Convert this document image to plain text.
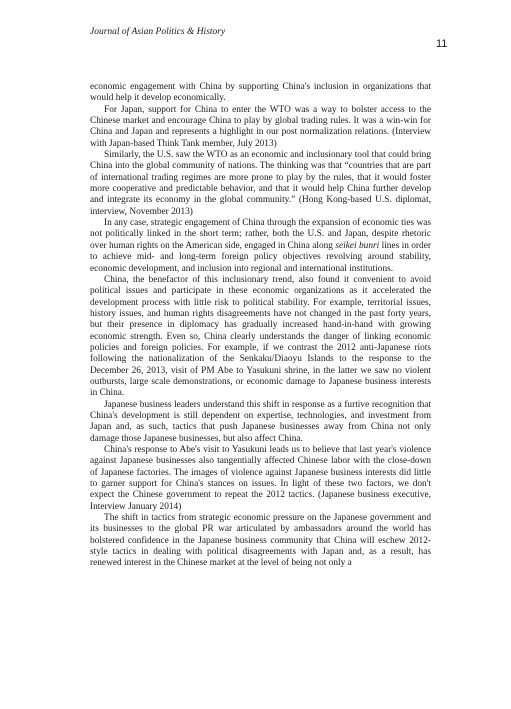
Journal of Asian Politics & History
11

economic engagement with China by supporting China's inclusion in organizations that would help it develop economically.

For Japan, support for China to enter the WTO was a way to bolster access to the Chinese market and encourage China to play by global trading rules. It was a win-win for China and Japan and represents a highlight in our post normalization relations. (Interview with Japan-based Think Tank member, July 2013)

Similarly, the U.S. saw the WTO as an economic and inclusionary tool that could bring China into the global community of nations. The thinking was that “countries that are part of international trading regimes are more prone to play by the rules, that it would foster more cooperative and predictable behavior, and that it would help China further develop and integrate its economy in the global community.” (Hong Kong-based U.S. diplomat, interview, November 2013)

In any case, strategic engagement of China through the expansion of economic ties was not politically linked in the short term; rather, both the U.S. and Japan, despite rhetoric over human rights on the American side, engaged in China along seikei bunri lines in order to achieve mid- and long-term foreign policy objectives revolving around stability, economic development, and inclusion into regional and international institutions.

China, the benefactor of this inclusionary trend, also found it convenient to avoid political issues and participate in these economic organizations as it accelerated the development process with little risk to political stability. For example, territorial issues, history issues, and human rights disagreements have not changed in the past forty years, but their presence in diplomacy has gradually increased hand-in-hand with growing economic strength. Even so, China clearly understands the danger of linking economic policies and foreign policies. For example, if we contrast the 2012 anti-Japanese riots following the nationalization of the Senkaku/Diaoyu Islands to the response to the December 26, 2013, visit of PM Abe to Yasukuni shrine, in the latter we saw no violent outbursts, large scale demonstrations, or economic damage to Japanese business interests in China.

Japanese business leaders understand this shift in response as a furtive recognition that China's development is still dependent on expertise, technologies, and investment from Japan and, as such, tactics that push Japanese businesses away from China not only damage those Japanese businesses, but also affect China.

China's response to Abe's visit to Yasukuni leads us to believe that last year's violence against Japanese businesses also tangentially affected Chinese labor with the close-down of Japanese factories. The images of violence against Japanese business interests did little to garner support for China's stances on issues. In light of these two factors, we don't expect the Chinese government to repeat the 2012 tactics. (Japanese business executive, Interview January 2014)

The shift in tactics from strategic economic pressure on the Japanese government and its businesses to the global PR war articulated by ambassadors around the world has bolstered confidence in the Japanese business community that China will eschew 2012-style tactics in dealing with political disagreements with Japan and, as a result, has renewed interest in the Chinese market at the level of being not only a
